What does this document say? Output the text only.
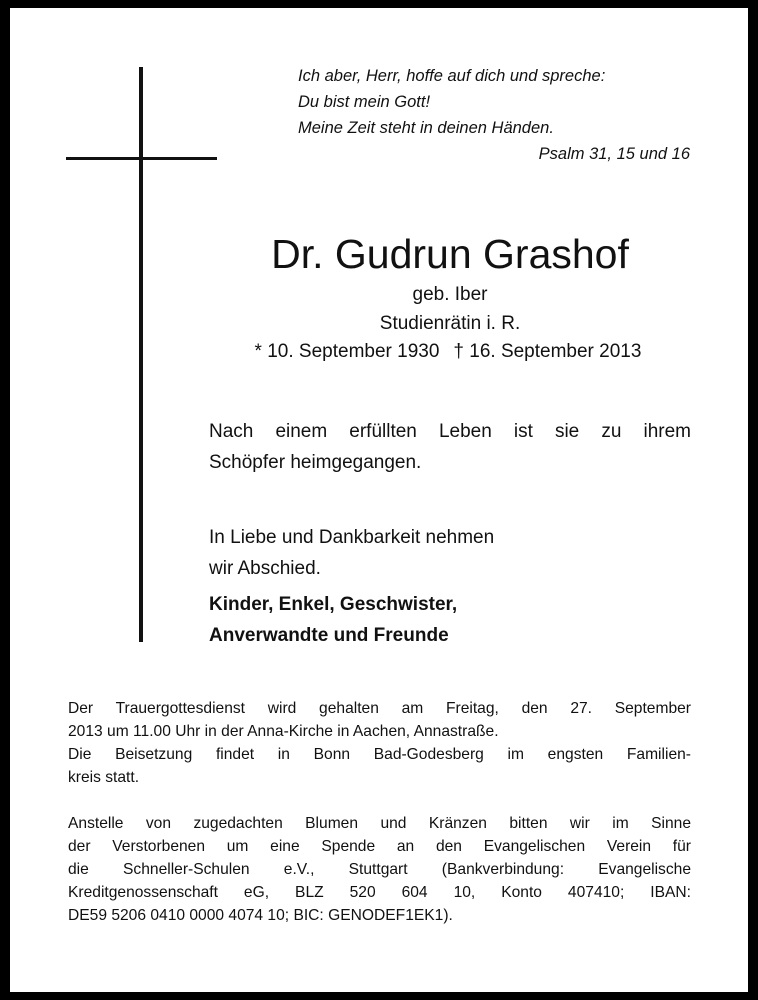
Ich aber, Herr, hoffe auf dich und spreche:
Du bist mein Gott!
Meine Zeit steht in deinen Händen.
Psalm 31, 15 und 16
Dr. Gudrun Grashof
geb. Iber
Studienrätin i. R.
* 10. September 1930 † 16. September 2013
Nach einem erfüllten Leben ist sie zu ihrem
Schöpfer heimgegangen.
In Liebe und Dankbarkeit nehmen
wir Abschied.
Kinder, Enkel, Geschwister,
Anverwandte und Freunde
Der Trauergottesdienst wird gehalten am Freitag, den 27. September
2013 um 11.00 Uhr in der Anna-Kirche in Aachen, Annastraße.
Die Beisetzung findet in Bonn Bad-Godesberg im engsten Familien-
kreis statt.
Anstelle von zugedachten Blumen und Kränzen bitten wir im Sinne
der Verstorbenen um eine Spende an den Evangelischen Verein für
die Schneller-Schulen e.V., Stuttgart (Bankverbindung: Evangelische
Kreditgenossenschaft eG, BLZ 520 604 10, Konto 407410; IBAN:
DE59 5206 0410 0000 4074 10; BIC: GENODEF1EK1).
